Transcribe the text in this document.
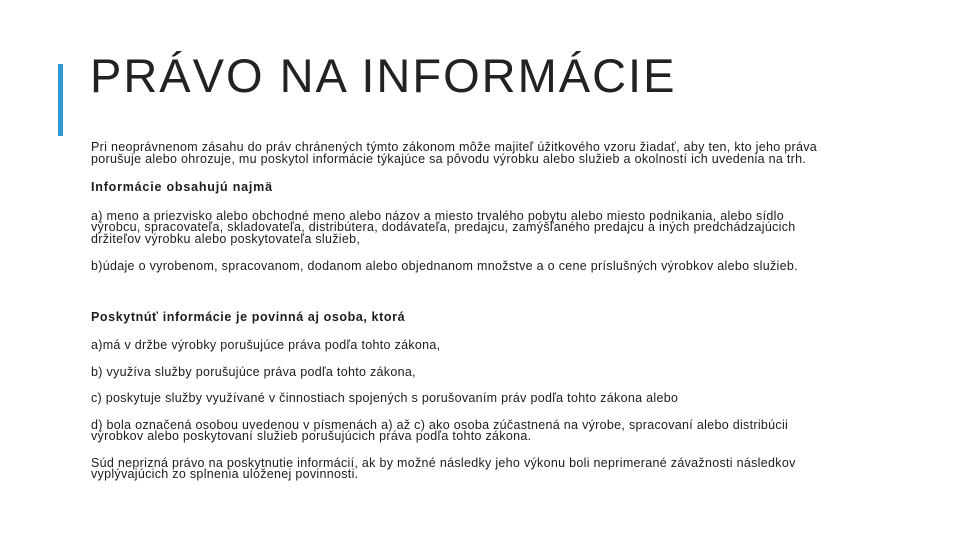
PRÁVO NA INFORMÁCIE

Pri neoprávnenom zásahu do práv chránených týmto zákonom môže majiteľ úžitkového vzoru žiadať, aby ten, kto jeho práva porušuje alebo ohrozuje, mu poskytol informácie týkajúce sa pôvodu výrobku alebo služieb a okolností ich uvedenia na trh.

Informácie obsahujú najmä

a) meno a priezvisko alebo obchodné meno alebo názov a miesto trvalého pobytu alebo miesto podnikania, alebo sídlo výrobcu, spracovateľa, skladovateľa, distribútera, dodávateľa, predajcu, zamýšľaného predajcu a iných predchádzajúcich držiteľov výrobku alebo poskytovateľa služieb,

b)údaje o vyrobenom, spracovanom, dodanom alebo objednanom množstve a o cene príslušných výrobkov alebo služieb.

Poskytnúť informácie je povinná aj osoba, ktorá

a)má v držbe výrobky porušujúce práva podľa tohto zákona,

b) využíva služby porušujúce práva podľa tohto zákona,

c) poskytuje služby využívané v činnostiach spojených s porušovaním práv podľa tohto zákona alebo

d) bola označená osobou uvedenou v písmenách a) až c) ako osoba zúčastnená na výrobe, spracovaní alebo distribúcii výrobkov alebo poskytovaní služieb porušujúcich práva podľa tohto zákona.

Súd neprizná právo na poskytnutie informácií, ak by možné následky jeho výkonu boli neprimerané závažnosti následkov vyplývajúcich zo splnenia uloženej povinnosti.
